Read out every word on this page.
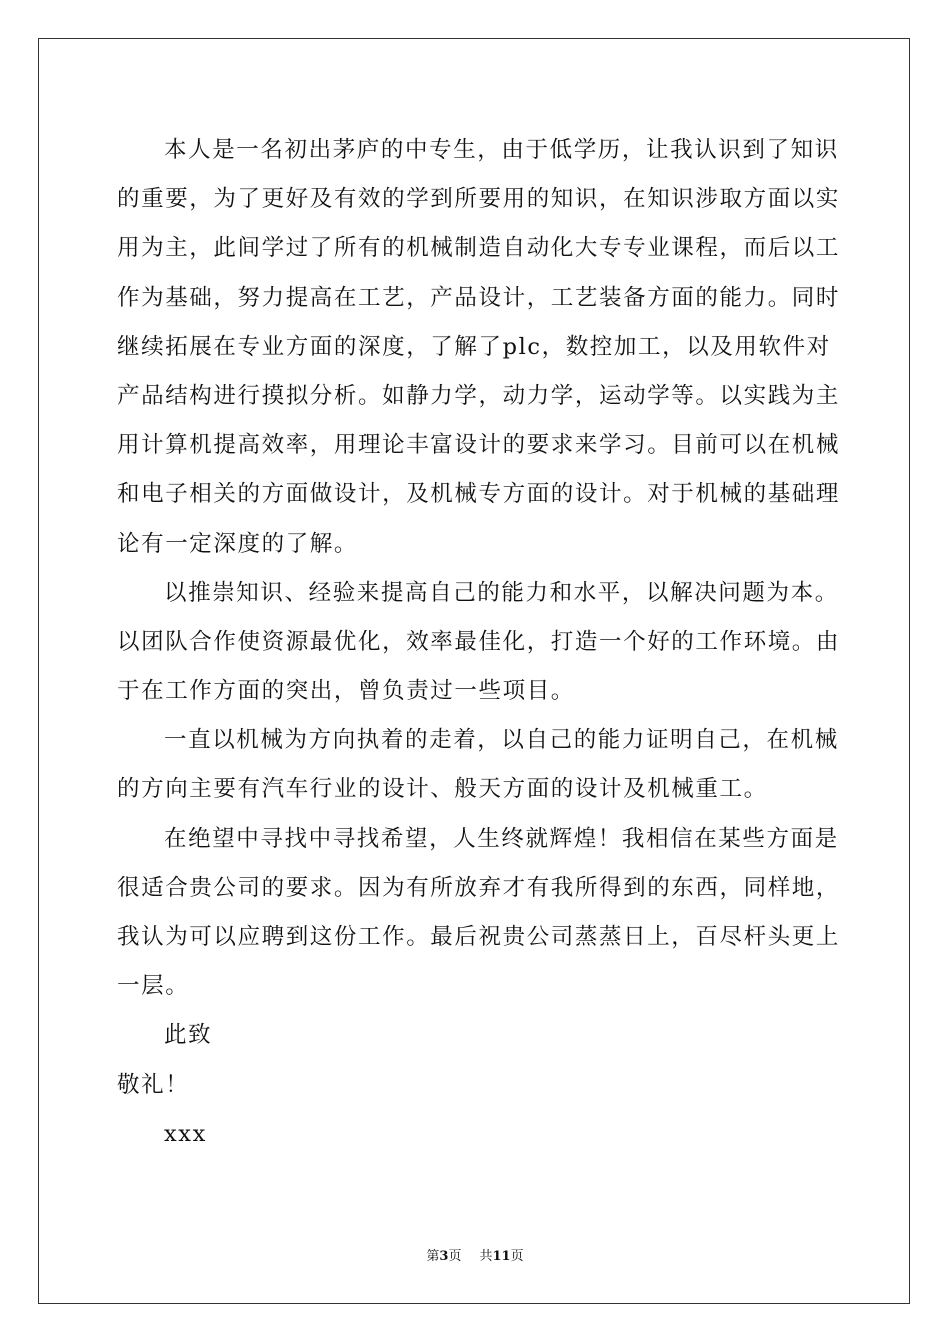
本人是一名初出茅庐的中专生，由于低学历，让我认识到了知识
的重要，为了更好及有效的学到所要用的知识，在知识涉取方面以实
用为主，此间学过了所有的机械制造自动化大专专业课程，而后以工
作为基础，努力提高在工艺，产品设计，工艺装备方面的能力。同时
继续拓展在专业方面的深度，了解了plc，数控加工，以及用软件对
产品结构进行摸拟分析。如静力学，动力学，运动学等。以实践为主
用计算机提高效率，用理论丰富设计的要求来学习。目前可以在机械
和电子相关的方面做设计，及机械专方面的设计。对于机械的基础理
论有一定深度的了解。
以推崇知识、经验来提高自己的能力和水平，以解决问题为本。
以团队合作使资源最优化，效率最佳化，打造一个好的工作环境。由
于在工作方面的突出，曾负责过一些项目。
一直以机械为方向执着的走着，以自己的能力证明自己，在机械
的方向主要有汽车行业的设计、般天方面的设计及机械重工。
在绝望中寻找中寻找希望，人生终就辉煌！我相信在某些方面是
很适合贵公司的要求。因为有所放弃才有我所得到的东西，同样地，
我认为可以应聘到这份工作。最后祝贵公司蒸蒸日上，百尽杆头更上
一层。
此致
敬礼！
xxx
第3页 共11页
